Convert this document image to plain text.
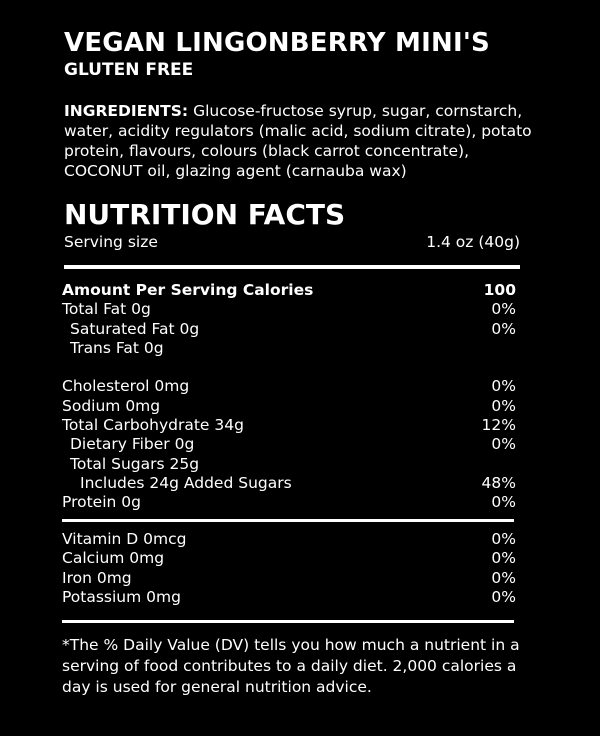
VEGAN LINGONBERRY MINI'S
GLUTEN FREE
INGREDIENTS: Glucose-fructose syrup, sugar, cornstarch, water, acidity regulators (malic acid, sodium citrate), potato protein, flavours, colours (black carrot concentrate), COCONUT oil, glazing agent (carnauba wax)
NUTRITION FACTS
Serving size	1.4 oz (40g)
Amount Per Serving Calories	100
Total Fat 0g	0%
Saturated Fat 0g	0%
Trans Fat 0g
Cholesterol 0mg	0%
Sodium 0mg	0%
Total Carbohydrate 34g	12%
Dietary Fiber 0g	0%
Total Sugars 25g
Includes 24g Added Sugars	48%
Protein 0g	0%
Vitamin D 0mcg	0%
Calcium 0mg	0%
Iron 0mg	0%
Potassium 0mg	0%
*The % Daily Value (DV) tells you how much a nutrient in a serving of food contributes to a daily diet. 2,000 calories a day is used for general nutrition advice.
